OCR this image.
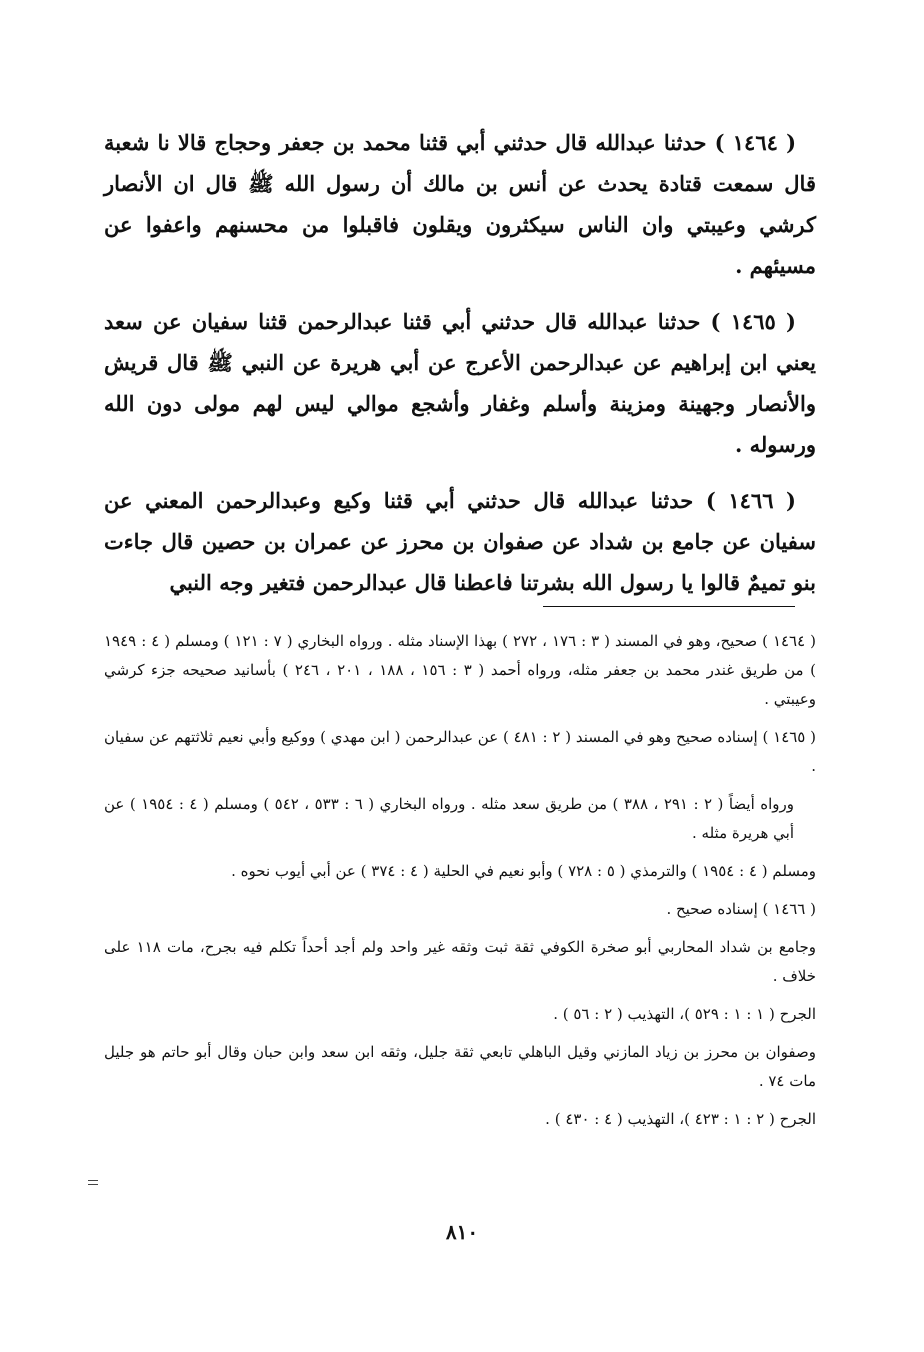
( ١٤٦٤ ) حدثنا عبدالله قال حدثني أبي قثنا محمد بن جعفر وحجاج قالا نا شعبة قال سمعت قتادة يحدث عن أنس بن مالك أن رسول الله ﷺ قال ان الأنصار كرشي وعيبتي وان الناس سيكثرون ويقلون فاقبلوا من محسنهم واعفوا عن مسيئهم .

( ١٤٦٥ ) حدثنا عبدالله قال حدثني أبي قثنا عبدالرحمن قثنا سفيان عن سعد يعني ابن إبراهيم عن عبدالرحمن الأعرج عن أبي هريرة عن النبي ﷺ قال قريش والأنصار وجهينة ومزينة وأسلم وغفار وأشجع موالي ليس لهم مولى دون الله ورسوله .

( ١٤٦٦ ) حدثنا عبدالله قال حدثني أبي قثنا وكيع وعبدالرحمن المعني عن سفيان عن جامع بن شداد عن صفوان بن محرز عن عمران بن حصين قال جاءت بنو تميمٌ قالوا يا رسول الله بشرتنا فاعطنا قال عبدالرحمن فتغير وجه النبي

( ١٤٦٤ ) صحيح، وهو في المسند ( ٣ : ١٧٦ ، ٢٧٢ ) بهذا الإسناد مثله . ورواه البخاري ( ٧ : ١٢١ ) ومسلم ( ٤ : ١٩٤٩ ) من طريق غندر محمد بن جعفر مثله، ورواه أحمد ( ٣ : ١٥٦ ، ١٨٨ ، ٢٠١ ، ٢٤٦ ) بأسانيد صحيحه جزء كرشي وعيبتي .

( ١٤٦٥ ) إسناده صحيح وهو في المسند ( ٢ : ٤٨١ ) عن عبدالرحمن ( ابن مهدي ) ووكيع وأبي نعيم ثلاثتهم عن سفيان .

ورواه أيضاً ( ٢ : ٢٩١ ، ٣٨٨ ) من طريق سعد مثله . ورواه البخاري ( ٦ : ٥٣٣ ، ٥٤٢ ) ومسلم ( ٤ : ١٩٥٤ ) عن أبي هريرة مثله .

ومسلم ( ٤ : ١٩٥٤ ) والترمذي ( ٥ : ٧٢٨ ) وأبو نعيم في الحلية ( ٤ : ٣٧٤ ) عن أبي أيوب نحوه .

( ١٤٦٦ ) إسناده صحيح .

وجامع بن شداد المحاربي أبو صخرة الكوفي ثقة ثبت وثقه غير واحد ولم أجد أحداً تكلم فيه بجرح، مات ١١٨ على خلاف .

الجرح ( ١ : ١ : ٥٢٩ )، التهذيب ( ٢ : ٥٦ ) .

وصفوان بن محرز بن زياد المازني وقيل الباهلي تابعي ثقة جليل، وثقه ابن سعد وابن حبان وقال أبو حاتم هو جليل مات ٧٤ .

الجرح ( ٢ : ١ : ٤٢٣ )، التهذيب ( ٤ : ٤٣٠ ) .

٨١٠
